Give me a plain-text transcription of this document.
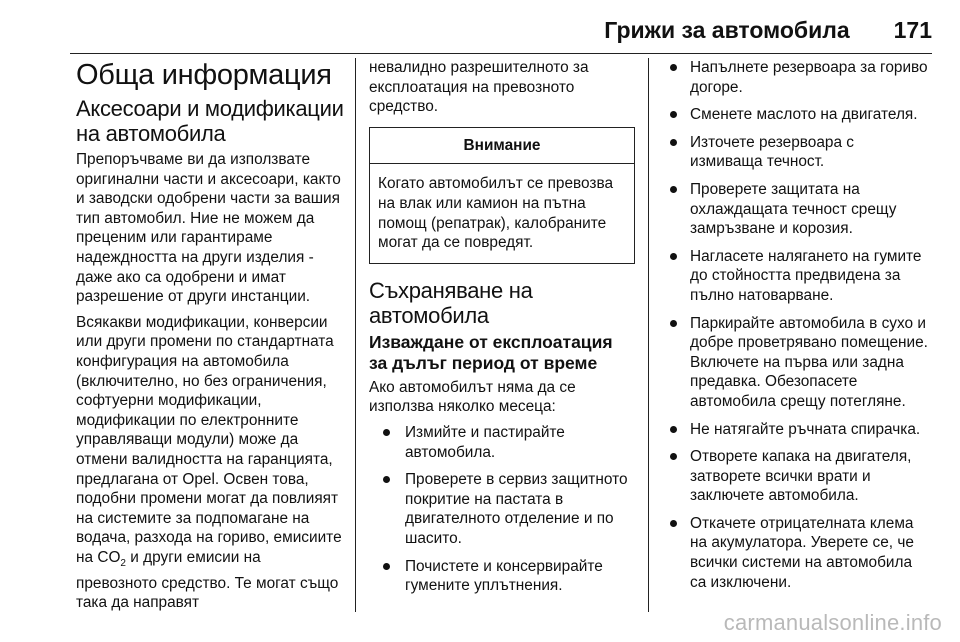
Грижи за автомобила 171
Обща информация
Аксесоари и модификации на автомобила

Препоръчваме ви да използвате оригинални части и аксесоари, както и заводски одобрени части за вашия тип автомобил. Ние не можем да преценим или гарантираме надеждността на други изделия - даже ако са одобрени и имат разрешение от други инстанции.

Всякакви модификации, конверсии или други промени по стандартната конфигурация на автомобила (включително, но без ограничения, софтуерни модификации, модификации по електронните управляващи модули) може да отмени валидността на гаранцията, предлагана от Opel. Освен това, подобни промени могат да повлияят на системите за подпомагане на водача, разхода на гориво, емисиите на $CO_2$ и други емисии на превозното средство. Те могат също така да направят

невалидно разрешителното за експлоатация на превозното средство.

Внимание
Когато автомобилът се превозва на влак или камион на пътна помощ (репатрак), калобраните могат да се повредят.
Съхраняване на автомобила
Изваждане от експлоатация за дълъг период от време

Ако автомобилът няма да се използва няколко месеца:

Измийте и пастирайте автомобила.
Проверете в сервиз защитното покритие на пастата в двигателното отделение и по шасито.
Почистете и консервирайте гумените уплътнения.
Напълнете резервоара за гориво догоре.
Сменете маслото на двигателя.
Източете резервоара с измиваща течност.
Проверете защитата на охлаждащата течност срещу замръзване и корозия.
Нагласете налягането на гумите до стойността предвидена за пълно натоварване.
Паркирайте автомобила в сухо и добре проветрявано помещение. Включете на първа или задна предавка. Обезопасете автомобила срещу потегляне.
Не натягайте ръчната спирачка.
Отворете капака на двигателя, затворете всички врати и заключете автомобила.
Откачете отрицателната клема на акумулатора. Уверете се, че всички системи на автомобила са изключени.
carmanualsonline.info
